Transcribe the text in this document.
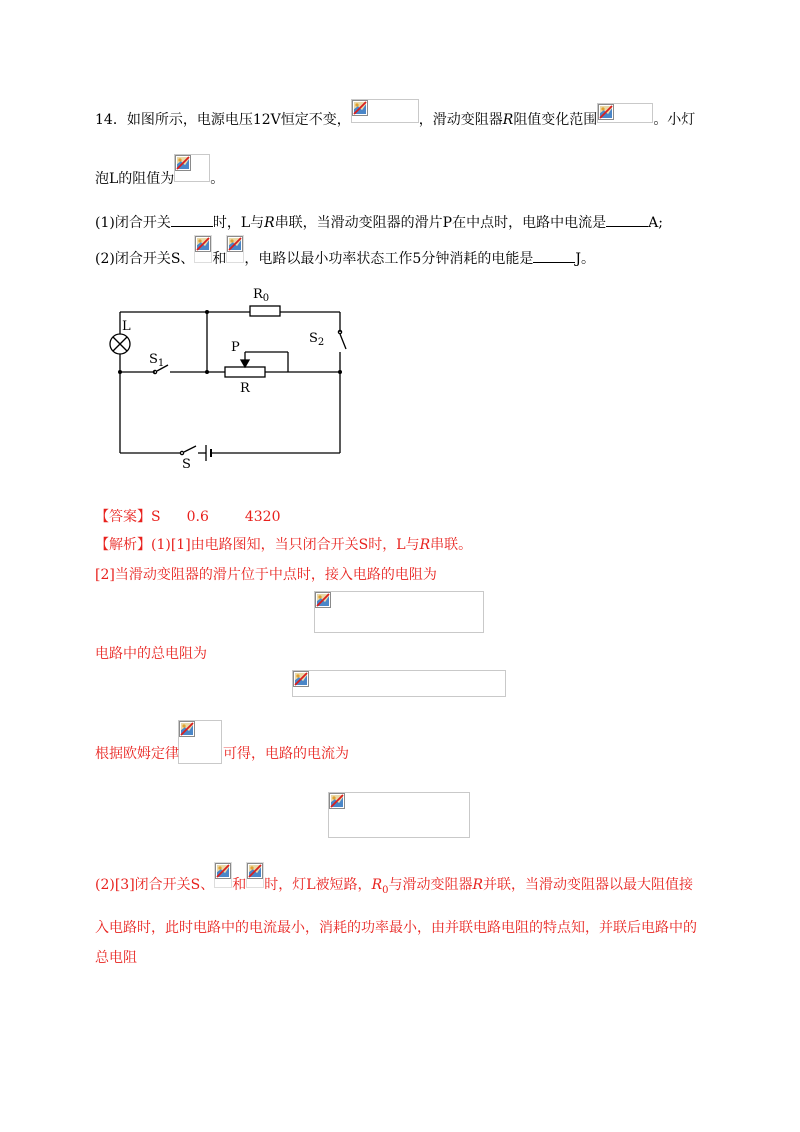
14．如图所示，电源电压12V恒定不变，	，滑动变阻器R阻值变化范围	。小灯
泡L的阻值为	。
(1)闭合开关	时，L与R串联，当滑动变阻器的滑片P在中点时，电路中电流是	A;
(2)闭合开关S、 和 ，电路以最小功率状态工作5分钟消耗的电能是	J。
L
$R_0$
$S_2$
$S_1$
P
R
S
【答案】S 0.6	4320
【解析】(1)[1]由电路图知，当只闭合开关S时，L与R串联。
[2]当滑动变阻器的滑片位于中点时，接入电路的电阻为
电路中的总电阻为
根据欧姆定律	可得，电路的电流为
(2)[3]闭合开关S、 和 时，灯L被短路，$R_0$与滑动变阻器R并联，当滑动变阻器以最大阻值接
入电路时，此时电路中的电流最小，消耗的功率最小，由并联电路电阻的特点知，并联后电路中的
总电阻
